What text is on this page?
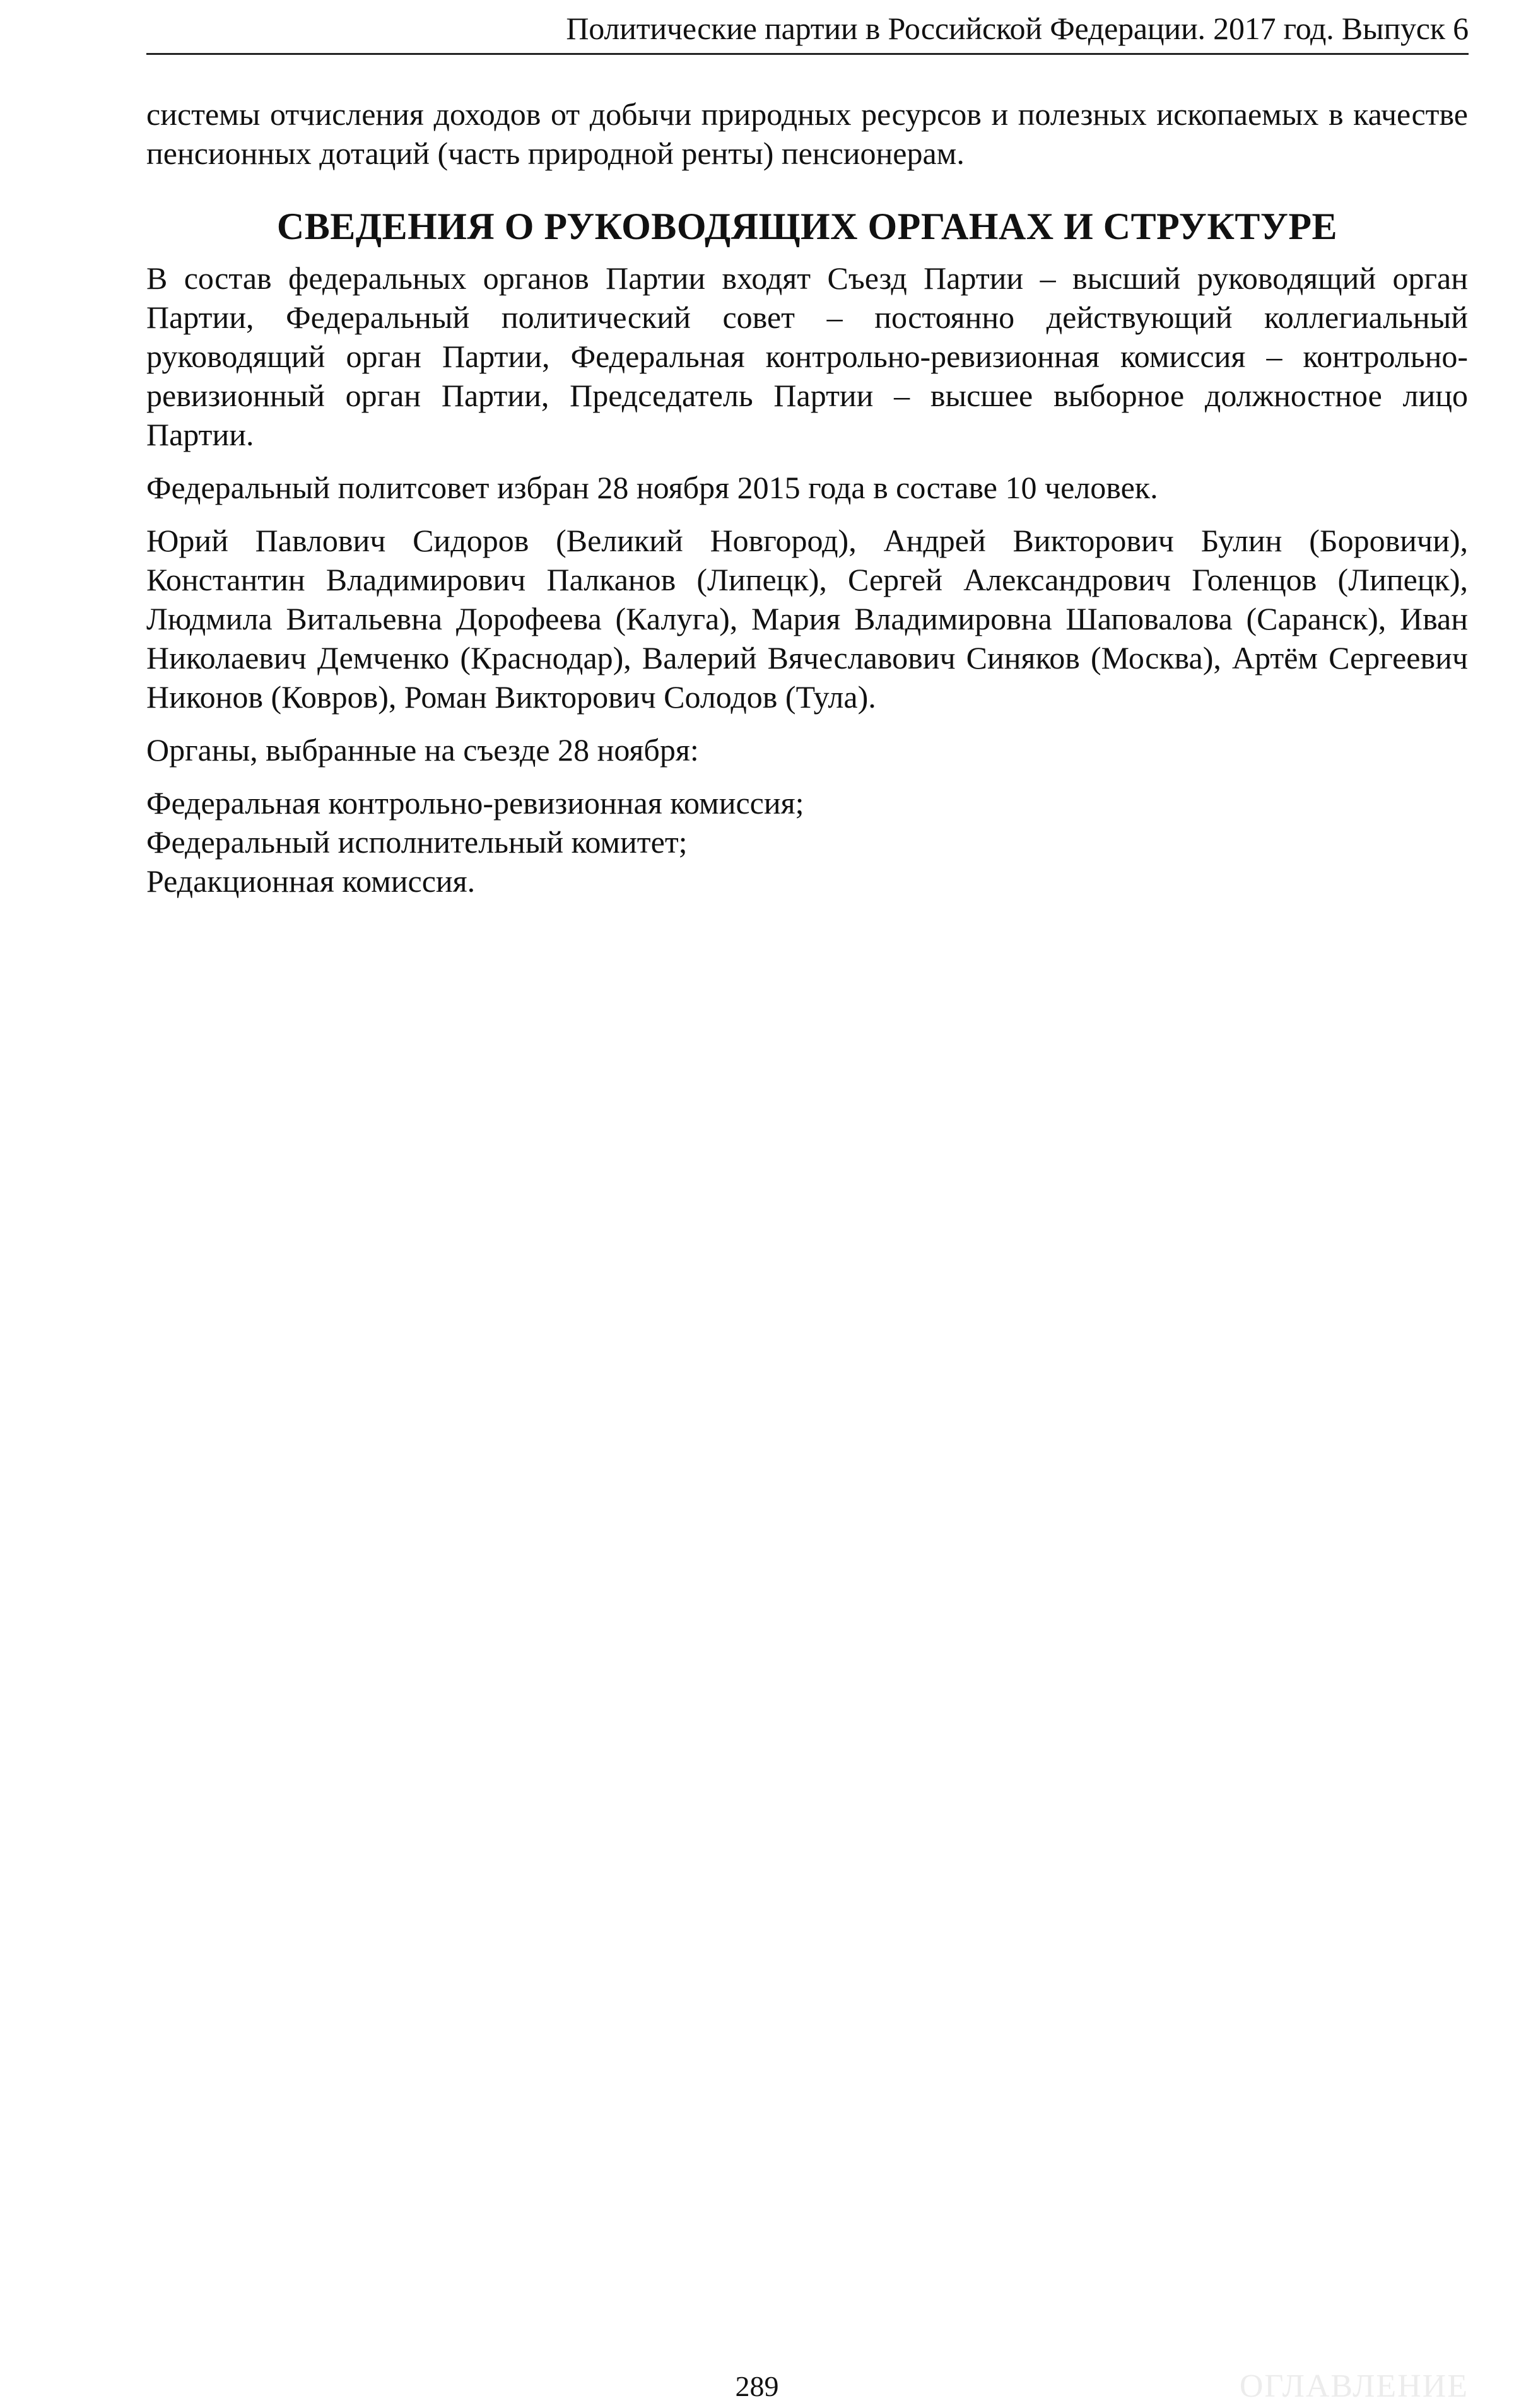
Политические партии в Российской Федерации. 2017 год. Выпуск 6

системы отчисления доходов от добычи природных ресурсов и полезных ископаемых в качестве пенсионных дотаций (часть природной ренты) пенсионерам.

СВЕДЕНИЯ О РУКОВОДЯЩИХ ОРГАНАХ И СТРУКТУРЕ

В состав федеральных органов Партии входят Съезд Партии – высший руководящий орган Партии, Федеральный политический совет – постоянно действующий коллегиальный руководящий орган Партии, Федеральная контрольно-ревизионная комиссия – контрольно-ревизионный орган Партии, Председатель Партии – высшее выборное должностное лицо Партии.

Федеральный политсовет избран 28 ноября 2015 года в составе 10 человек.

Юрий Павлович Сидоров (Великий Новгород), Андрей Викторович Булин (Боровичи), Константин Владимирович Палканов (Липецк), Сергей Александрович Голенцов (Липецк), Людмила Витальевна Дорофеева (Калуга), Мария Владимировна Шаповалова (Саранск), Иван Николаевич Демченко (Краснодар), Валерий Вячеславович Синяков (Москва), Артём Сергеевич Никонов (Ковров), Роман Викторович Солодов (Тула).

Органы, выбранные на съезде 28 ноября:

Федеральная контрольно-ревизионная комиссия;
Федеральный исполнительный комитет;
Редакционная комиссия.
289	ОГЛАВЛЕНИЕ
